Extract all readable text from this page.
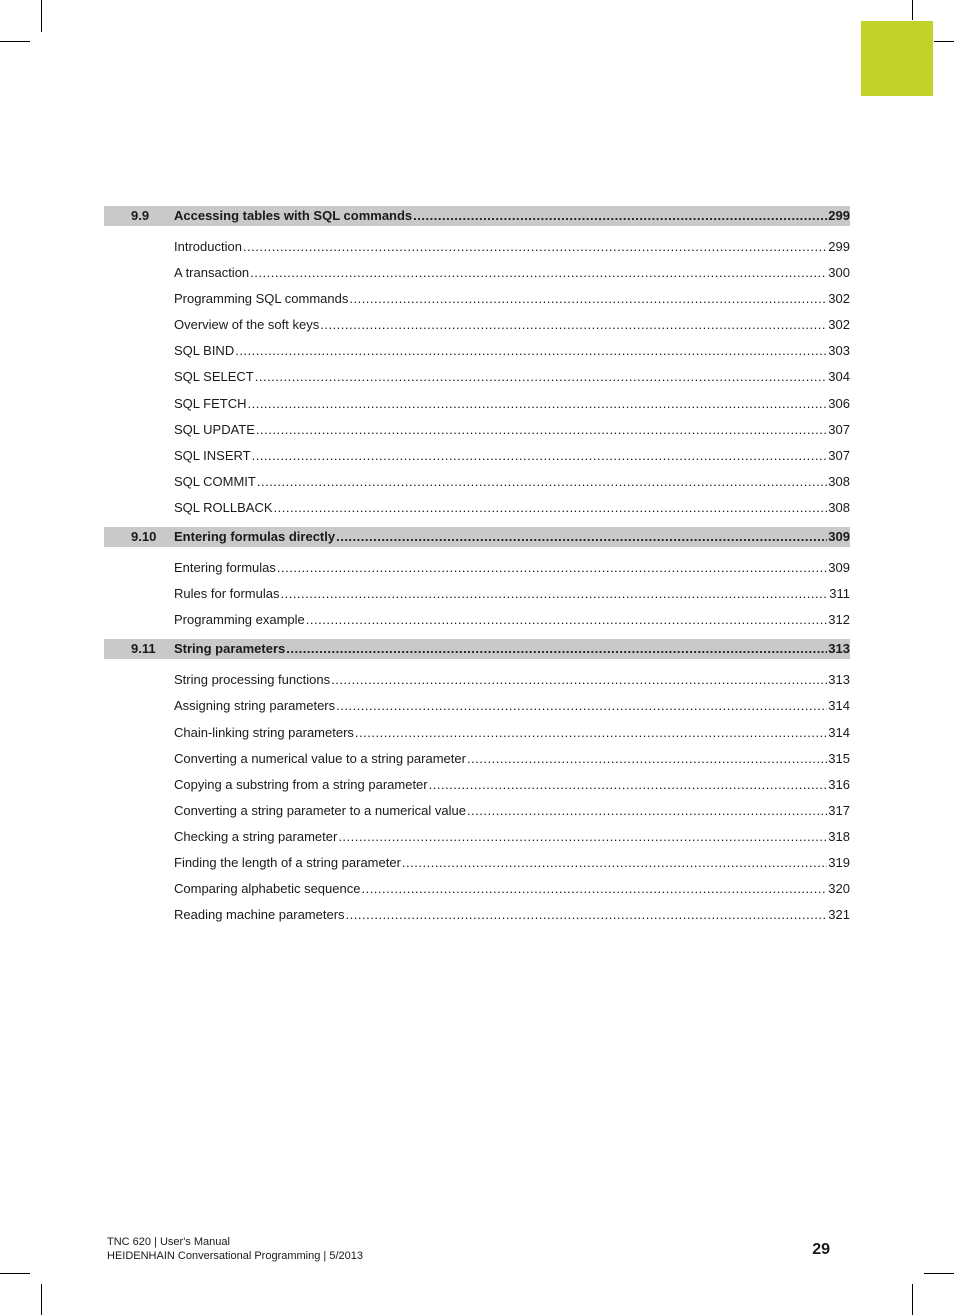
9.9	Accessing tables with SQL commands .....	299
Introduction .....	299
A transaction .....	300
Programming SQL commands .....	302
Overview of the soft keys .....	302
SQL BIND .....	303
SQL SELECT .....	304
SQL FETCH .....	306
SQL UPDATE .....	307
SQL INSERT .....	307
SQL COMMIT .....	308
SQL ROLLBACK .....	308
9.10	Entering formulas directly .....	309
Entering formulas .....	309
Rules for formulas .....	311
Programming example .....	312
9.11	String parameters .....	313
String processing functions .....	313
Assigning string parameters .....	314
Chain-linking string parameters .....	314
Converting a numerical value to a string parameter .....	315
Copying a substring from a string parameter .....	316
Converting a string parameter to a numerical value .....	317
Checking a string parameter .....	318
Finding the length of a string parameter .....	319
Comparing alphabetic sequence .....	320
Reading machine parameters .....	321
TNC 620 | User's Manual
HEIDENHAIN Conversational Programming | 5/2013	29
